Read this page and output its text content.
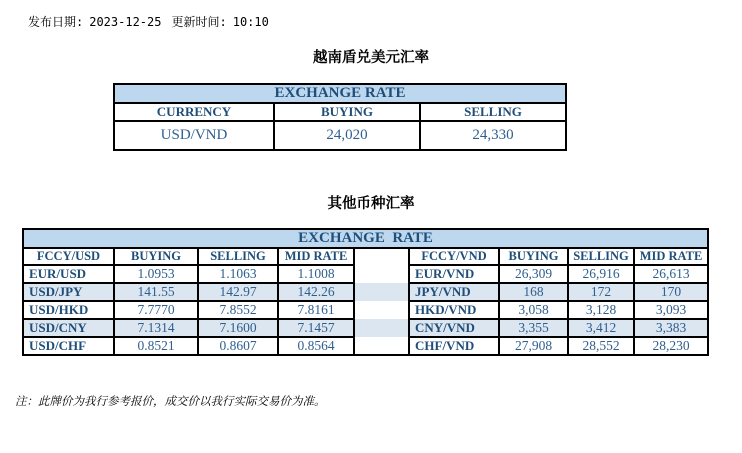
发布日期: 2023-12-25 更新时间: 10:10
越南盾兑美元汇率
EXCHANGE RATE		
CURRENCY	BUYING	SELLING
USD/VND	24,020	24,330
其他币种汇率
EXCHANGE  RATE								
FCCY/USD	BUYING	SELLING	MID RATE		FCCY/VND	BUYING	SELLING	MID RATE
EUR/USD	1.0953	1.1063	1.1008		EUR/VND	26,309	26,916	26,613
USD/JPY	141.55	142.97	142.26		JPY/VND	168	172	170
USD/HKD	7.7770	7.8552	7.8161		HKD/VND	3,058	3,128	3,093
USD/CNY	7.1314	7.1600	7.1457		CNY/VND	3,355	3,412	3,383
USD/CHF	0.8521	0.8607	0.8564		CHF/VND	27,908	28,552	28,230
注：此牌价为我行参考报价，成交价以我行实际交易价为准。
